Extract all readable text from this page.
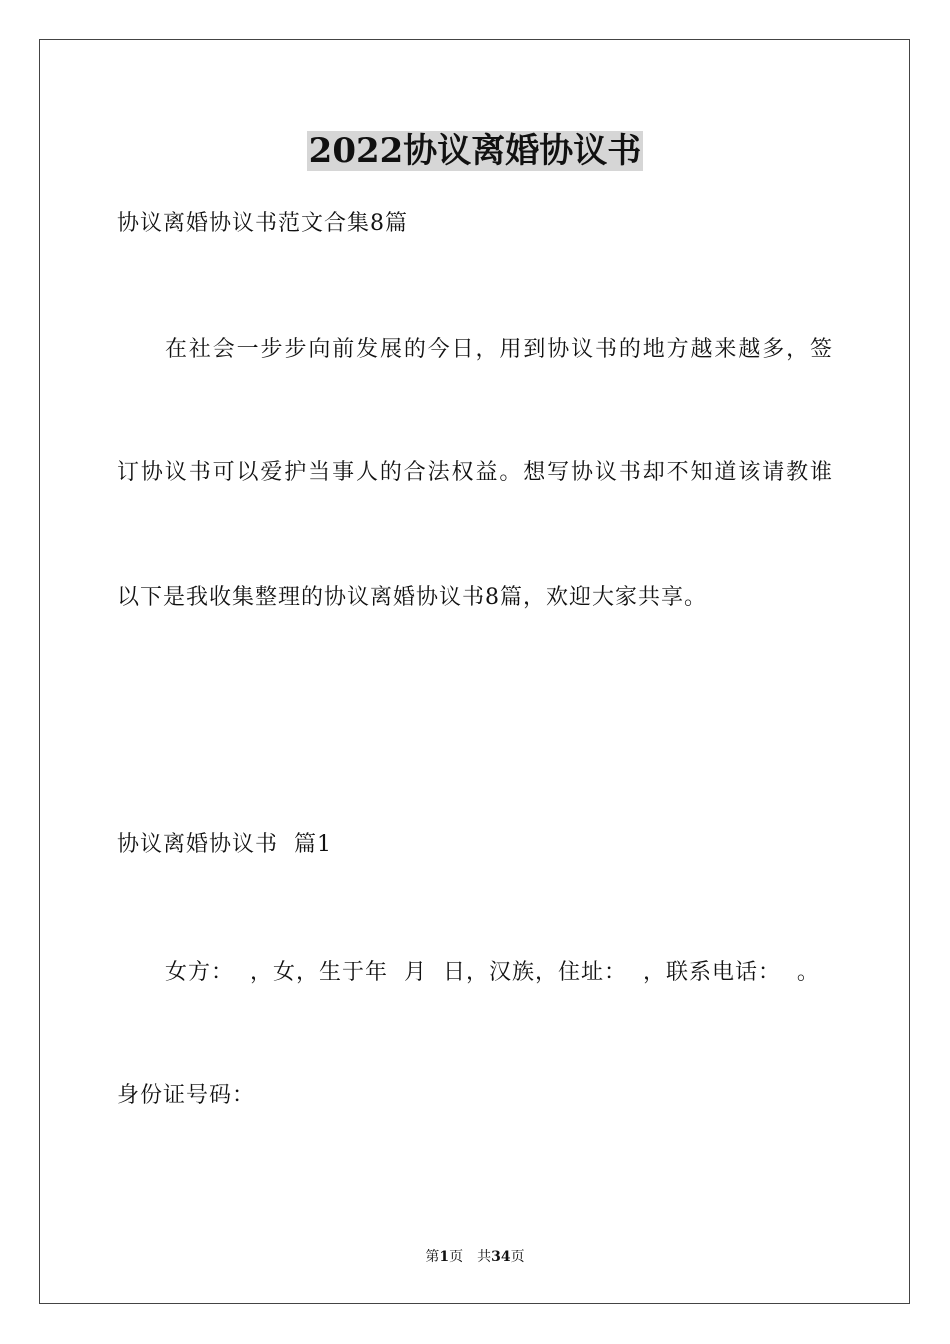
2022协议离婚协议书
协议离婚协议书范文合集8篇
在社会一步步向前发展的今日，用到协议书的地方越来越多，签
订协议书可以爱护当事人的合法权益。想写协议书却不知道该请教谁
以下是我收集整理的协议离婚协议书8篇，欢迎大家共享。
协议离婚协议书  篇1
女方：  ，女，生于年  月  日，汉族，住址：  ，联系电话：  。
身份证号码：
第1页 共34页
